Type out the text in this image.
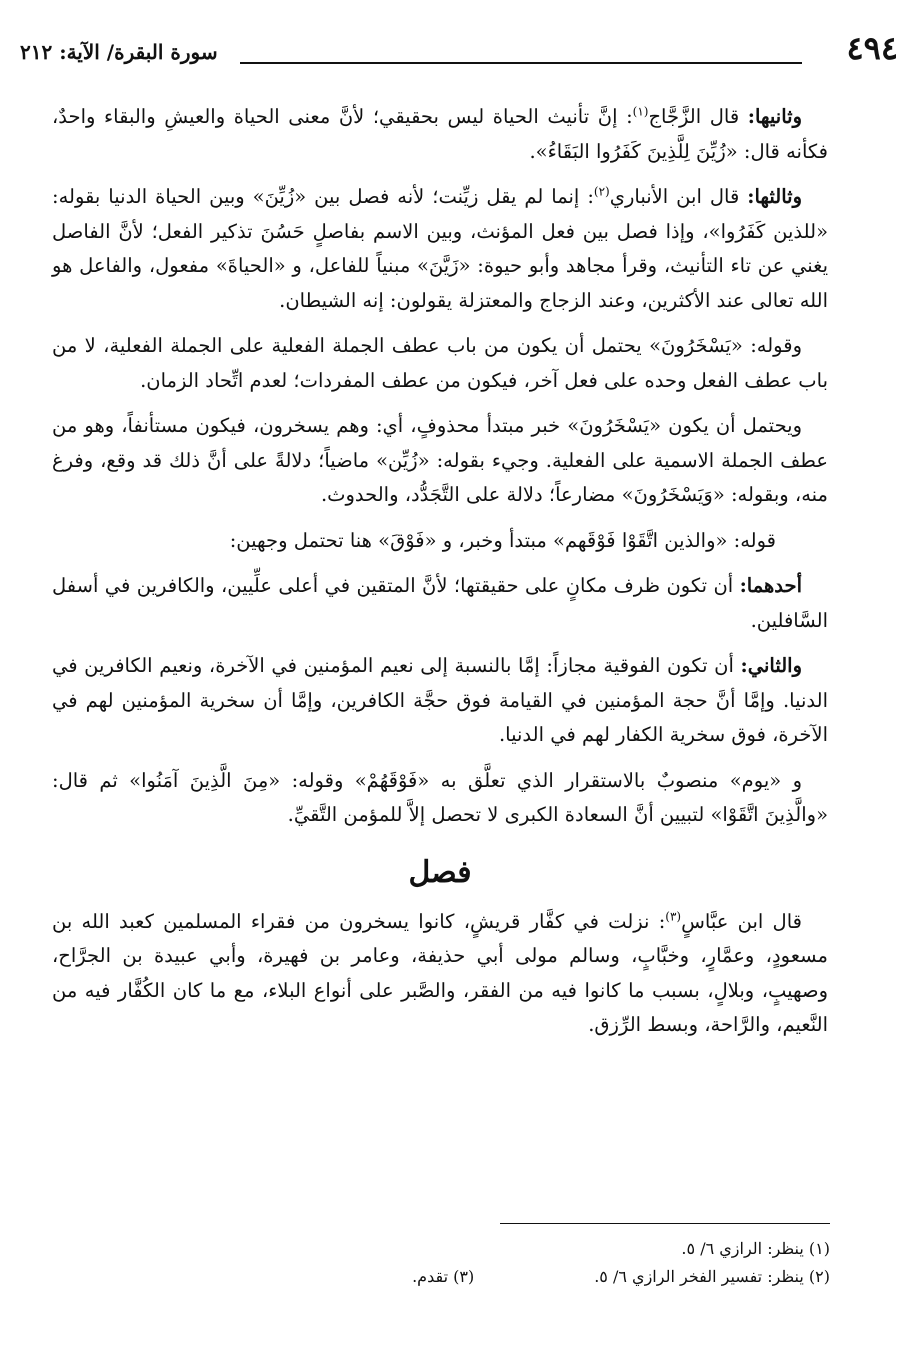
٤٩٤
سورة البقرة/ الآية: ٢١٢

وثانيها: قال الزَّجَّاج$^{(١)}$: إنَّ تأنيث الحياة ليس بحقيقي؛ لأنَّ معنى الحياة والعيشِ والبقاء واحدٌ، فكأنه قال: «زُيِّنَ لِلَّذِينَ كَفَرُوا البَقَاءُ».

وثالثها: قال ابن الأنباري$^{(٢)}$: إنما لم يقل زيِّنت؛ لأنه فصل بين «زُيِّنَ» وبين الحياة الدنيا بقوله: «للذين كَفَرُوا»، وإذا فصل بين فعل المؤنث، وبين الاسم بفاصلٍ حَسُنَ تذكير الفعل؛ لأنَّ الفاصل يغني عن تاء التأنيث، وقرأ مجاهد وأبو حيوة: «زَيَّنَ» مبنياً للفاعل، و «الحياةَ» مفعول، والفاعل هو الله تعالى عند الأكثرين، وعند الزجاج والمعتزلة يقولون: إنه الشيطان.

وقوله: «يَسْخَرُونَ» يحتمل أن يكون من باب عطف الجملة الفعلية على الجملة الفعلية، لا من باب عطف الفعل وحده على فعل آخر، فيكون من عطف المفردات؛ لعدم اتِّحاد الزمان.

ويحتمل أن يكون «يَسْخَرُونَ» خبر مبتدأ محذوفٍ، أي: وهم يسخرون، فيكون مستأنفاً، وهو من عطف الجملة الاسمية على الفعلية. وجيء بقوله: «زُيِّن» ماضياً؛ دلالةً على أنَّ ذلك قد وقع، وفرغ منه، وبقوله: «وَيَسْخَرُونَ» مضارعاً؛ دلالة على التَّجَدُّد، والحدوث.

قوله: «والذين اتَّقَوْا فَوْقَهم» مبتدأ وخبر، و «فَوْقَ» هنا تحتمل وجهين:

أحدهما: أن تكون ظرف مكانٍ على حقيقتها؛ لأنَّ المتقين في أعلى علِّيين، والكافرين في أسفل السَّافلين.

والثاني: أن تكون الفوقية مجازاً: إمَّا بالنسبة إلى نعيم المؤمنين في الآخرة، ونعيم الكافرين في الدنيا. وإمَّا أنَّ حجة المؤمنين في القيامة فوق حجَّة الكافرين، وإمَّا أن سخرية المؤمنين لهم في الآخرة، فوق سخرية الكفار لهم في الدنيا.

و «يوم» منصوبٌ بالاستقرار الذي تعلَّق به «فَوْقَهُمْ» وقوله: «مِنَ الَّذِينَ آمَنُوا» ثم قال: «والَّذِينَ اتَّقَوْا» لتبيين أنَّ السعادة الكبرى لا تحصل إلاَّ للمؤمن التَّقيِّ.

فصل

قال ابن عبَّاسٍ$^{(٣)}$: نزلت في كفَّار قريشٍ، كانوا يسخرون من فقراء المسلمين كعبد الله بن مسعودٍ، وعمَّارٍ، وخبَّابٍ، وسالم مولى أبي حذيفة، وعامر بن فهيرة، وأبي عبيدة بن الجرَّاح، وصهيبٍ، وبلالٍ، بسبب ما كانوا فيه من الفقر، والصَّبر على أنواع البلاء، مع ما كان الكُفَّار فيه من النَّعيم، والرَّاحة، وبسط الرِّزق.

(١) ينظر: الرازي ٦/ ٥.
(٢) ينظر: تفسير الفخر الرازي ٦/ ٥.
(٣) تقدم.
